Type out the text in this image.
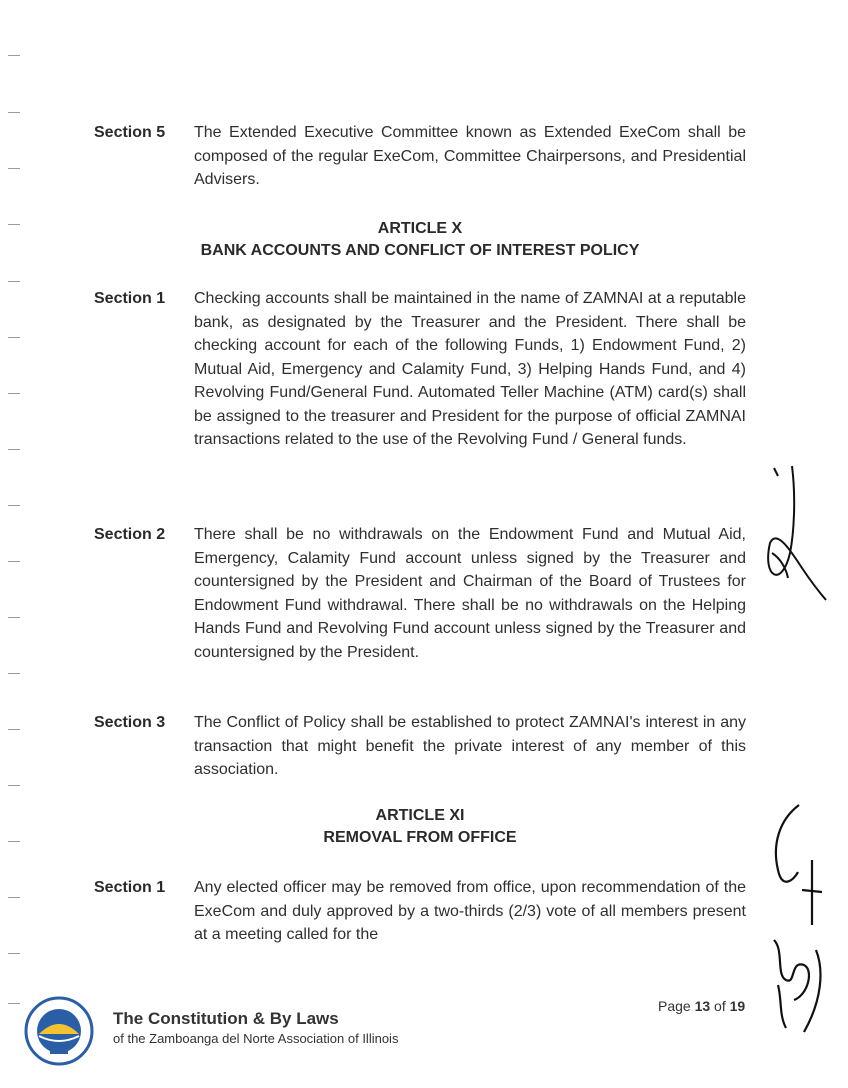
Section 5 The Extended Executive Committee known as Extended ExeCom shall be composed of the regular ExeCom, Committee Chairpersons, and Presidential Advisers.
ARTICLE X
BANK ACCOUNTS AND CONFLICT OF INTEREST POLICY
Section 1 Checking accounts shall be maintained in the name of ZAMNAI at a reputable bank, as designated by the Treasurer and the President. There shall be checking account for each of the following Funds, 1) Endowment Fund, 2) Mutual Aid, Emergency and Calamity Fund, 3) Helping Hands Fund, and 4) Revolving Fund/General Fund. Automated Teller Machine (ATM) card(s) shall be assigned to the treasurer and President for the purpose of official ZAMNAI transactions related to the use of the Revolving Fund / General funds.
Section 2 There shall be no withdrawals on the Endowment Fund and Mutual Aid, Emergency, Calamity Fund account unless signed by the Treasurer and countersigned by the President and Chairman of the Board of Trustees for Endowment Fund withdrawal. There shall be no withdrawals on the Helping Hands Fund and Revolving Fund account unless signed by the Treasurer and countersigned by the President.
Section 3 The Conflict of Policy shall be established to protect ZAMNAI's interest in any transaction that might benefit the private interest of any member of this association.
ARTICLE XI
REMOVAL FROM OFFICE
Section 1 Any elected officer may be removed from office, upon recommendation of the ExeCom and duly approved by a two-thirds (2/3) vote of all members present at a meeting called for the
The Constitution & By Laws
of the Zamboanga del Norte Association of Illinois
Page 13 of 19
